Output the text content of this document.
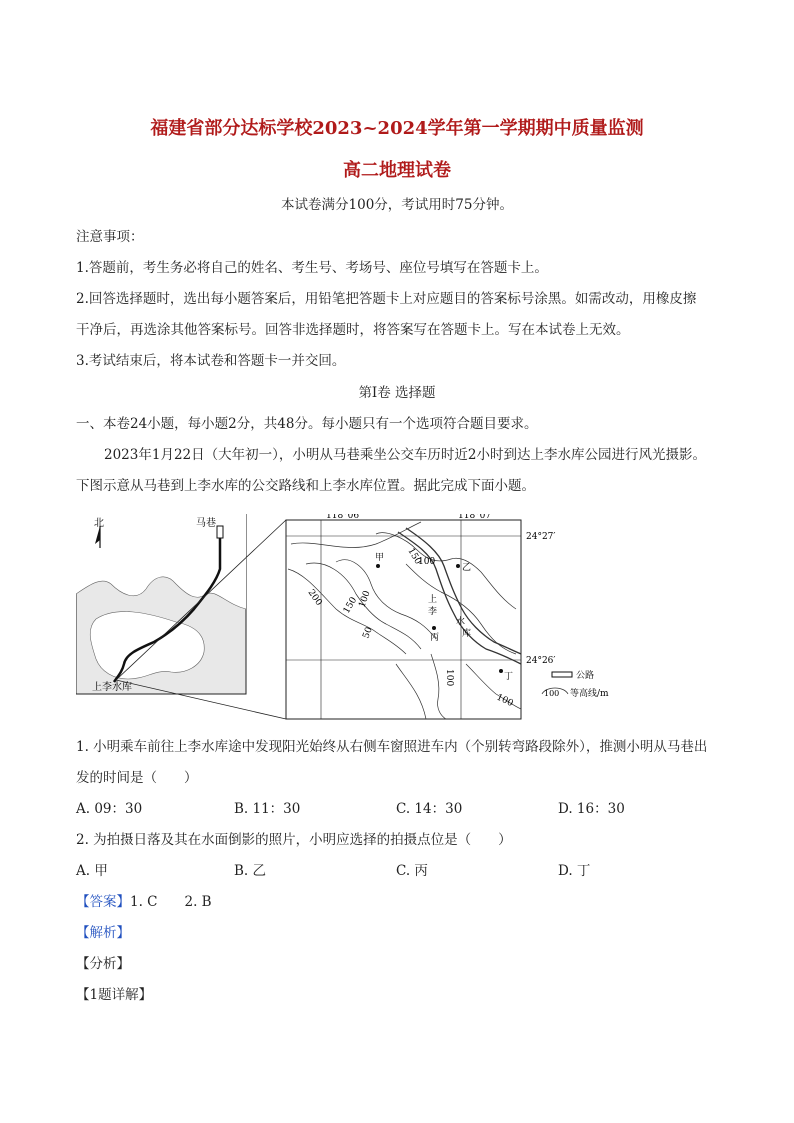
福建省部分达标学校2023~2024学年第一学期期中质量监测
高二地理试卷
本试卷满分100分，考试用时75分钟。
注意事项：
1.答题前，考生务必将自己的姓名、考生号、考场号、座位号填写在答题卡上。
2.回答选择题时，选出每小题答案后，用铅笔把答题卡上对应题目的答案标号涂黑。如需改动，用橡皮擦
干净后，再选涂其他答案标号。回答非选择题时，将答案写在答题卡上。写在本试卷上无效。
3.考试结束后，将本试卷和答题卡一并交回。
第Ⅰ卷 选择题
一、本卷24小题，每小题2分，共48分。每小题只有一个选项符合题目要求。
2023年1月22日（大年初一），小明从马巷乘坐公交车历时近2小时到达上李水库公园进行风光摄影。
下图示意从马巷到上李水库的公交路线和上李水库位置。据此完成下面小题。
北	马巷
上李水库
118°06′	118°07′
24°27′
24°26′
150
200 150
100
50
100
100
100
甲
乙
丙
丁
上
李
水
库
公路
100 等高线/m
1. 小明乘车前往上李水库途中发现阳光始终从右侧车窗照进车内（个别转弯路段除外），推测小明从马巷出
发的时间是（　　）
A. 09：30	B. 11：30	C. 14：30	D. 16：30
2. 为拍摄日落及其在水面倒影的照片，小明应选择的拍摄点位是（　　）
A. 甲	B. 乙	C. 丙	D. 丁
【答案】1. C　　2. B
【解析】
【分析】
【1题详解】
